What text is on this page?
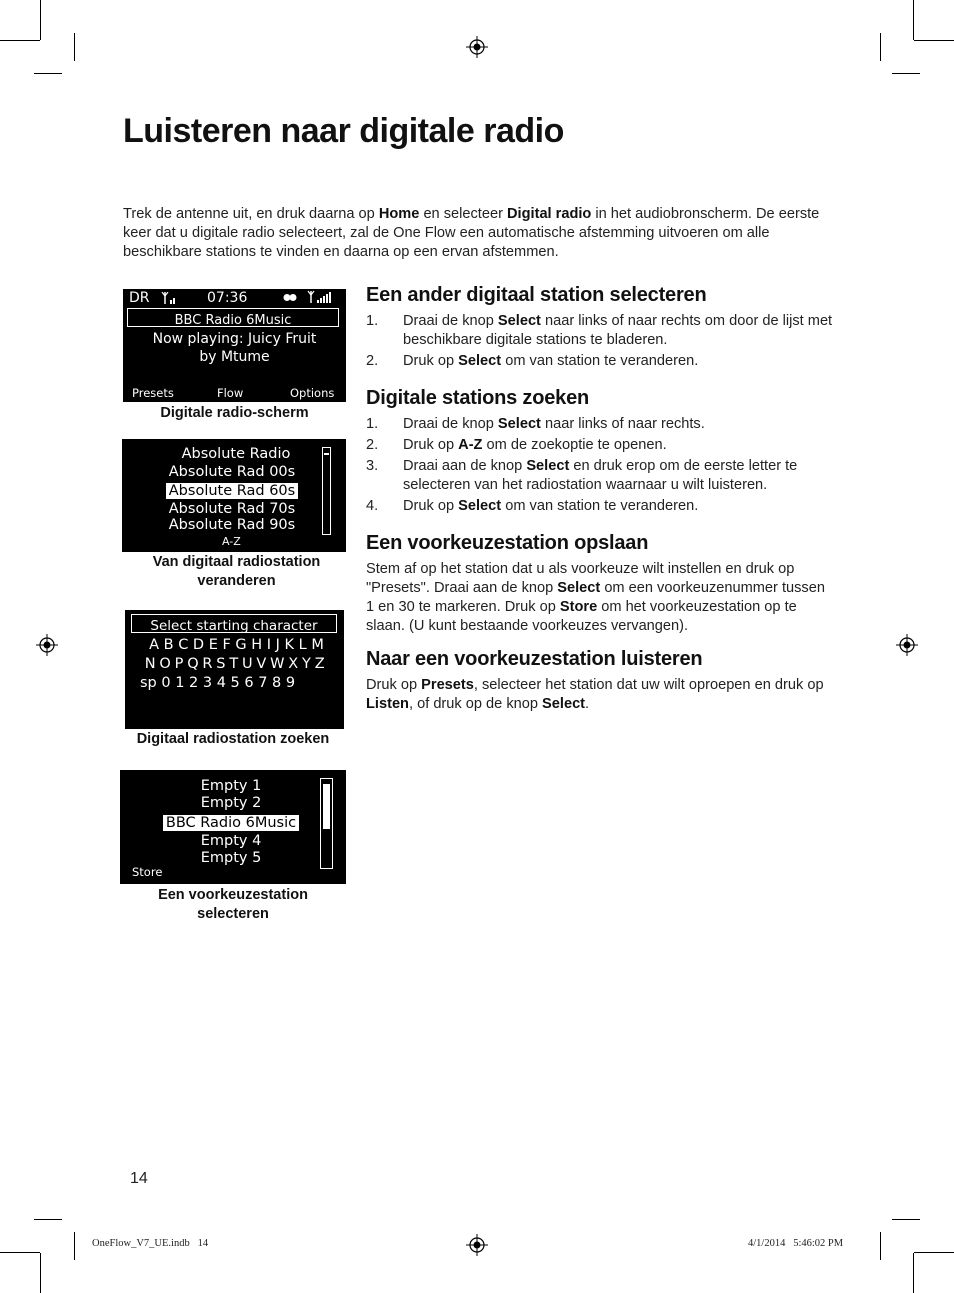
Luisteren naar digitale radio

Trek de antenne uit, en druk daarna op Home en selecteer Digital radio in het audiobronscherm. De eerste keer dat u digitale radio selecteert, zal de One Flow een automatische afstemming uitvoeren om alle beschikbare stations te vinden en daarna op een ervan afstemmen.

DR	07:36
BBC Radio 6Music
Now playing: Juicy Fruit
by Mtume
Presets	Flow	Options
Digitale radio-scherm
Absolute Radio
Absolute Rad 00s
Absolute Rad 60s
Absolute Rad 70s
Absolute Rad 90s
A-Z
Van digitaal radiostation veranderen
Select starting character
A B C D E F G H I J K L M
N O P Q R S T U V W X Y Z
sp 0 1 2 3 4 5 6 7 8 9
Digitaal radiostation zoeken
Empty 1
Empty 2
BBC Radio 6Music
Empty 4
Empty 5
Store
Een voorkeuzestation
selecteren
Een ander digitaal station selecteren
1. Draai de knop Select naar links of naar rechts om door de lijst met beschikbare digitale stations te bladeren.
2. Druk op Select om van station te veranderen.
Digitale stations zoeken
1. Draai de knop Select naar links of naar rechts.
2. Druk op A-Z om de zoekoptie te openen.
3. Draai aan de knop Select en druk erop om de eerste letter te selecteren van het radiostation waarnaar u wilt luisteren.
4. Druk op Select om van station te veranderen.
Een voorkeuzestation opslaan

Stem af op het station dat u als voorkeuze wilt instellen en druk op "Presets". Draai aan de knop Select om een voorkeuzenummer tussen 1 en 30 te markeren. Druk op Store om het voorkeuzestation op te slaan. (U kunt bestaande voorkeuzes vervangen).

Naar een voorkeuzestation luisteren

Druk op Presets, selecteer het station dat uw wilt oproepen en druk op Listen, of druk op de knop Select.

14
OneFlow_V7_UE.indb   14	4/1/2014   5:46:02 PM
